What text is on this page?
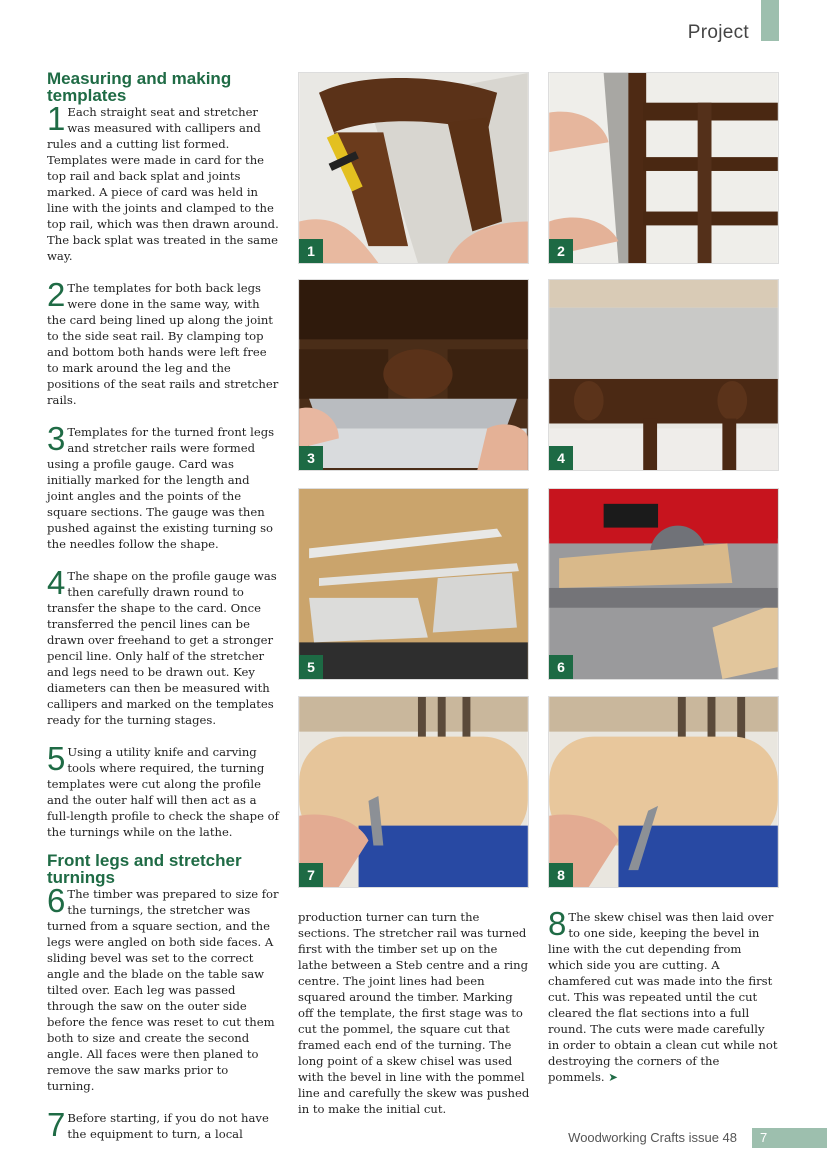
Project
Measuring and making templates

1 Each straight seat and stretcher was measured with callipers and rules and a cutting list formed. Templates were made in card for the top rail and back splat and joints marked. A piece of card was held in line with the joints and clamped to the top rail, which was then drawn around. The back splat was treated in the same way.

2 The templates for both back legs were done in the same way, with the card being lined up along the joint to the side seat rail. By clamping top and bottom both hands were left free to mark around the leg and the positions of the seat rails and stretcher rails.

3 Templates for the turned front legs and stretcher rails were formed using a profile gauge. Card was initially marked for the length and joint angles and the points of the square sections. The gauge was then pushed against the existing turning so the needles follow the shape.

4 The shape on the profile gauge was then carefully drawn round to transfer the shape to the card. Once transferred the pencil lines can be drawn over freehand to get a stronger pencil line. Only half of the stretcher and legs need to be drawn out. Key diameters can then be measured with callipers and marked on the templates ready for the turning stages.

5 Using a utility knife and carving tools where required, the turning templates were cut along the profile and the outer half will then act as a full-length profile to check the shape of the turnings while on the lathe.

Front legs and stretcher turnings

6 The timber was prepared to size for the turnings, the stretcher was turned from a square section, and the legs were angled on both side faces. A sliding bevel was set to the correct angle and the blade on the table saw tilted over. Each leg was passed through the saw on the outer side before the fence was reset to cut them both to size and create the second angle. All faces were then planed to remove the saw marks prior to turning.

7 Before starting, if you do not have the equipment to turn, a local

production turner can turn the sections. The stretcher rail was turned first with the timber set up on the lathe between a Steb centre and a ring centre. The joint lines had been squared around the timber. Marking off the template, the first stage was to cut the pommel, the square cut that framed each end of the turning. The long point of a skew chisel was used with the bevel in line with the pommel line and carefully the skew was pushed in to make the initial cut.

8 The skew chisel was then laid over to one side, keeping the bevel in line with the cut depending from which side you are cutting. A chamfered cut was made into the first cut. This was repeated until the cut cleared the flat sections into a full round. The cuts were made carefully in order to obtain a clean cut while not destroying the corners of the pommels. ➤

1	2
3	4
5	6
7	8
Woodworking Crafts issue 48 7
